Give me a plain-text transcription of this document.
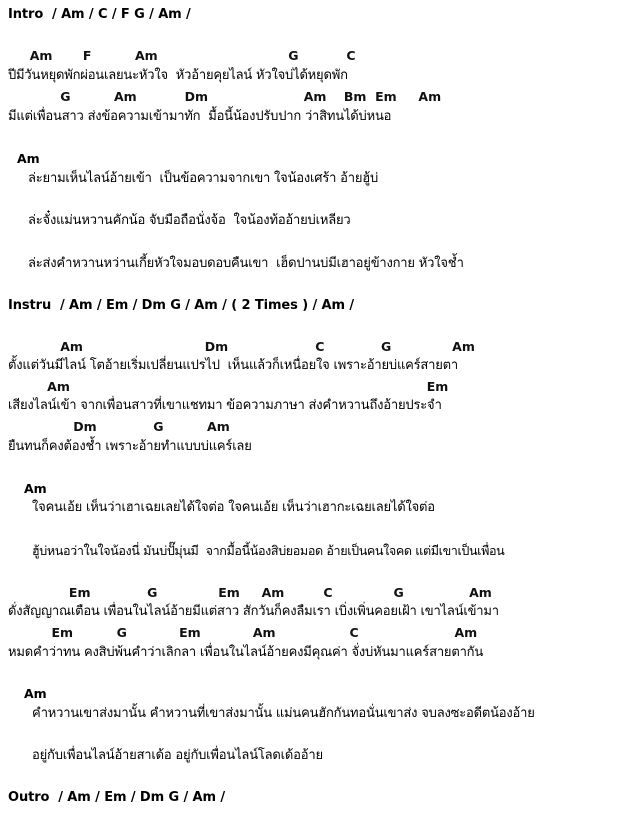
Intro  / Am / C / F G / Am /
Am       F          Am                              G           C
ปีมีวันหยุดพักผ่อนเลยนะหัวใจ  หัวอ้ายคุยไลน์ หัวใจบ่ได้หยุดพัก
G          Am           Dm                      Am    Bm  Em     Am
มีแต่เพื่อนสาว ส่งข้อความเข้ามาทัก  มื้อนี้น้องปรับปาก ว่าสิทนได้บ่หนอ
Am
ล่ะยามเห็นไลน์อ้ายเข้า  เป็นข้อความจากเขา ใจน้องเศร้า อ้ายฮู้บ่
ล่ะจั๋งแม่นหวานคักน้อ จับมือถือนั่งจ้อ  ใจน้องท้ออ้ายบ่เหลียว
ล่ะส่งคำหวานหว่านเกี้ยหัวใจมอบดอบคืนเขา  เฮ็ดปานบ่มีเฮาอยู่ข้างกาย หัวใจช้ำ
Instru  / Am / Em / Dm G / Am / ( 2 Times ) / Am /
Am                            Dm                    C             G              Am
ตั้งแต่วันมีไลน์ โตอ้ายเริ่มเปลี่ยนแปรไป  เห็นแล้วก็เหนื่อยใจ เพราะอ้ายบ่แคร์สายตา
Am                                                                                  Em
เสียงไลน์เข้า จากเพื่อนสาวที่เขาแชทมา ข้อความภาษา ส่งคำหวานถึงอ้ายประจำ
Dm             G          Am
ยืนทนก็คงต้องช้ำ เพราะอ้ายทำแบบบ่แคร์เลย
Am
ใจคนเอ้ย เห็นว่าเฮาเฉยเลยได้ใจต่อ ใจคนเอ้ย เห็นว่าเฮากะเฉยเลยได้ใจต่อ
ฮู้บ่หนอว่าในใจน้องนี่ มันบ่ปั๊มุ่นมี  จากมื้อนี้น้องสิบ่ยอมอด อ้ายเป็นคนใจคด แต่มีเขาเป็นเพื่อน
Em             G              Em     Am         C              G               Am
ดั่งสัญญาณเตือน เพื่อนในไลน์อ้ายมีแต่สาว สักวันก็คงลืมเรา เบิ่งเพิ่นคอยเฝ้า เขาไลน์เข้ามา
Em          G            Em            Am                 C                      Am
หมดคำว่าทน คงสิบ่พ้นคำว่าเลิกลา เพื่อนในไลน์อ้ายคงมีคุณค่า จั่งบ่หันมาแคร์สายตากัน
Am
คำหวานเขาส่งมานั้น คำหวานที่เขาส่งมานั้น แม่นคนฮักกันทอนั่นเขาส่ง จบลงซะอดีตน้องอ้าย
อยู่กับเพื่อนไลน์อ้ายสาเด้อ อยู่กับเพื่อนไลน์โลดเด้ออ้าย
Outro  / Am / Em / Dm G / Am /
